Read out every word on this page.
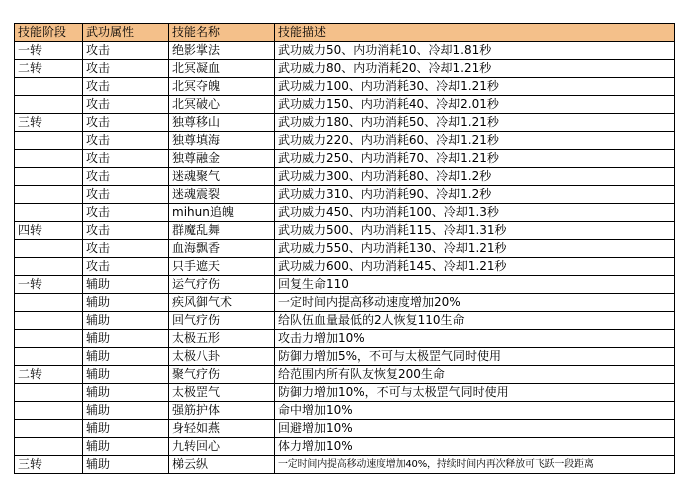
技能阶段	武功属性	技能名称	技能描述
一转	攻击	绝影掌法	武功威力50、内功消耗10、冷却1.81秒
二转	攻击	北冥凝血	武功威力80、内功消耗20、冷却1.21秒
	攻击	北冥夺魄	武功威力100、内功消耗30、冷却1.21秒
	攻击	北冥破心	武功威力150、内功消耗40、冷却2.01秒
三转	攻击	独尊移山	武功威力180、内功消耗50、冷却1.21秒
	攻击	独尊填海	武功威力220、内功消耗60、冷却1.21秒
	攻击	独尊融金	武功威力250、内功消耗70、冷却1.21秒
	攻击	迷魂聚气	武功威力300、内功消耗80、冷却1.2秒
	攻击	迷魂震裂	武功威力310、内功消耗90、冷却1.2秒
	攻击	mihun追魄	武功威力450、内功消耗100、冷却1.3秒
四转	攻击	群魔乱舞	武功威力500、内功消耗115、冷却1.31秒
	攻击	血海飘香	武功威力550、内功消耗130、冷却1.21秒
	攻击	只手遮天	武功威力600、内功消耗145、冷却1.21秒
一转	辅助	运气疗伤	回复生命110
	辅助	疾风御气术	一定时间内提高移动速度增加20%
	辅助	回气疗伤	给队伍血量最低的2人恢复110生命
	辅助	太极五形	攻击力增加10%
	辅助	太极八卦	防御力增加5%，不可与太极罡气同时使用
二转	辅助	聚气疗伤	给范围内所有队友恢复200生命
	辅助	太极罡气	防御力增加10%，不可与太极罡气同时使用
	辅助	强筋护体	命中增加10%
	辅助	身轻如燕	回避增加10%
	辅助	九转回心	体力增加10%
三转	辅助	梯云纵	一定时间内提高移动速度增加40%，持续时间内再次释放可飞跃一段距离
